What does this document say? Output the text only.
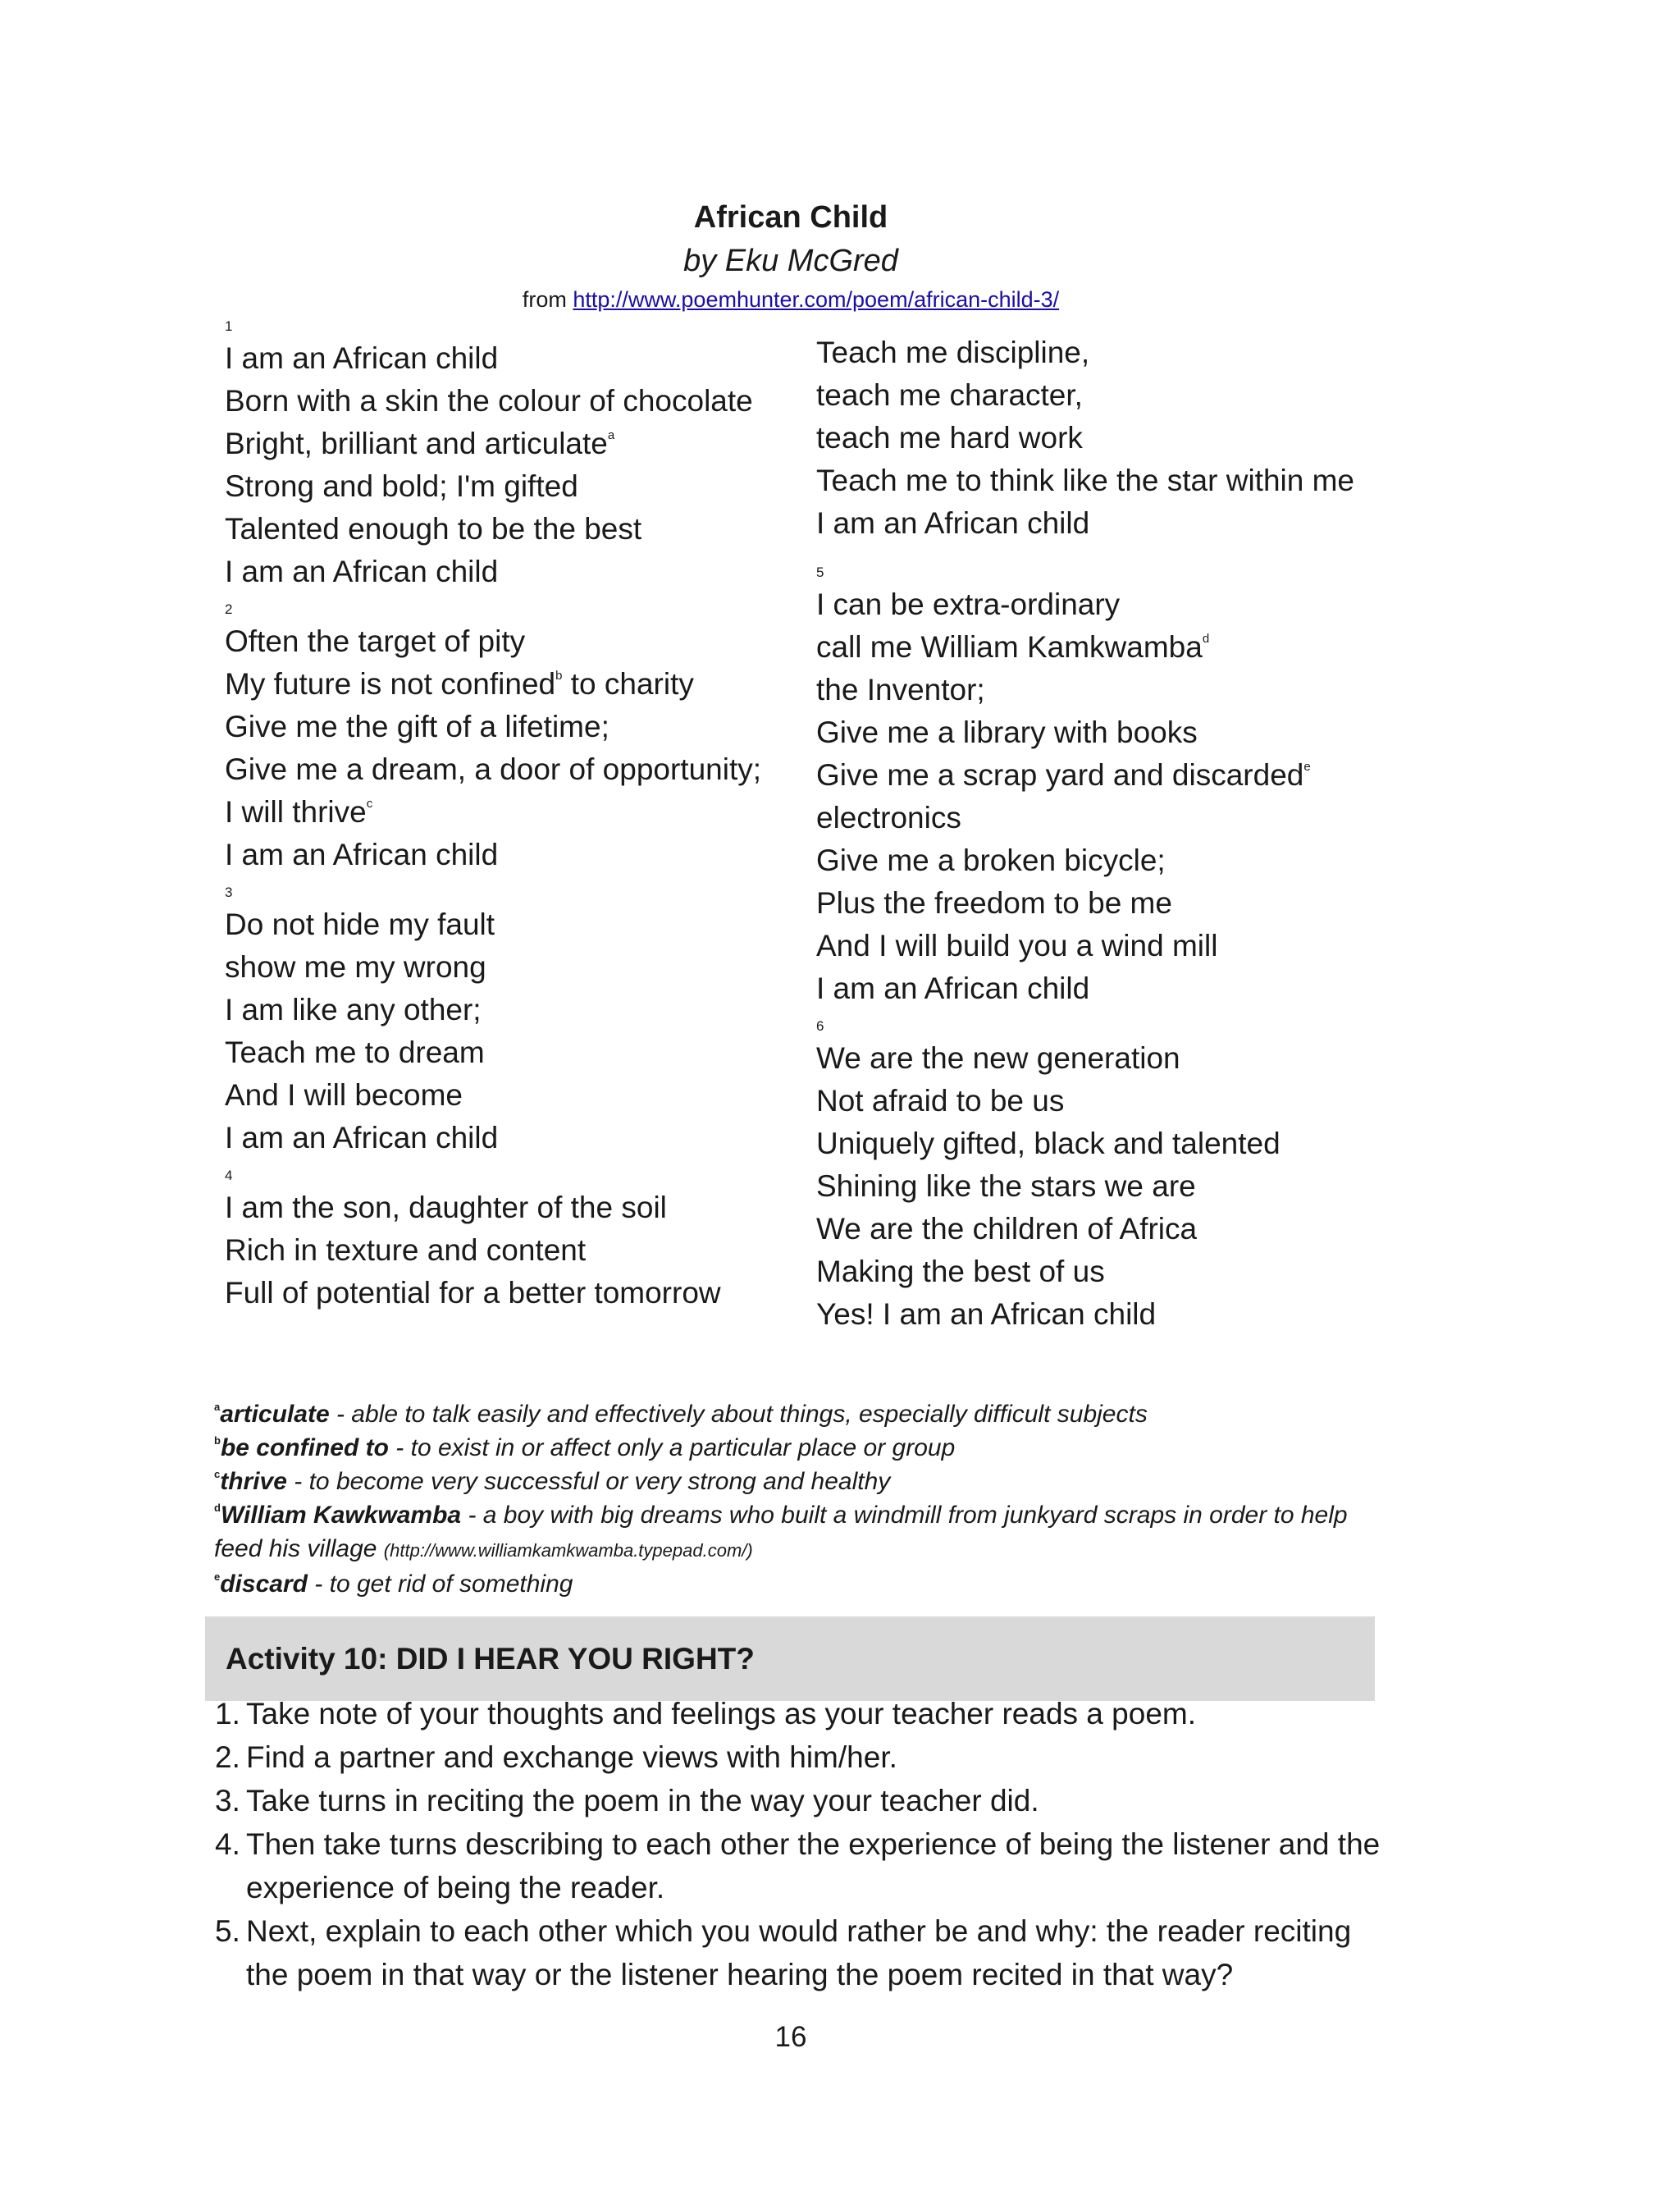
African Child
by Eku McGred
from http://www.poemhunter.com/poem/african-child-3/
1
I am an African child
Born with a skin the colour of chocolate
Bright, brilliant and articulate$^a$
Strong and bold; I'm gifted
Talented enough to be the best
I am an African child
2
Often the target of pity
My future is not confined$^b$ to charity
Give me the gift of a lifetime;
Give me a dream, a door of opportunity;
I will thrive$^c$
I am an African child
3
Do not hide my fault
show me my wrong
I am like any other;
Teach me to dream
And I will become
I am an African child
4
I am the son, daughter of the soil
Rich in texture and content
Full of potential for a better tomorrow
Teach me discipline,
teach me character,
teach me hard work
Teach me to think like the star within me
I am an African child
5
I can be extra-ordinary
call me William Kamkwamba$^d$
the Inventor;
Give me a library with books
Give me a scrap yard and discarded$^e$
electronics
Give me a broken bicycle;
Plus the freedom to be me
And I will build you a wind mill
I am an African child
6
We are the new generation
Not afraid to be us
Uniquely gifted, black and talented
Shining like the stars we are
We are the children of Africa
Making the best of us
Yes! I am an African child
$^a$articulate - able to talk easily and effectively about things, especially difficult subjects
$^b$be confined to - to exist in or affect only a particular place or group
$^c$thrive - to become very successful or very strong and healthy
$^d$William Kawkwamba - a boy with big dreams who built a windmill from junkyard scraps in order to help feed his village (http://www.williamkamkwamba.typepad.com/)
$^e$discard - to get rid of something
Activity 10: DID I HEAR YOU RIGHT?
1. Take note of your thoughts and feelings as your teacher reads a poem.
2. Find a partner and exchange views with him/her.
3. Take turns in reciting the poem in the way your teacher did.
4. Then take turns describing to each other the experience of being the listener and the experience of being the reader.
5. Next, explain to each other which you would rather be and why: the reader reciting the poem in that way or the listener hearing the poem recited in that way?
16
